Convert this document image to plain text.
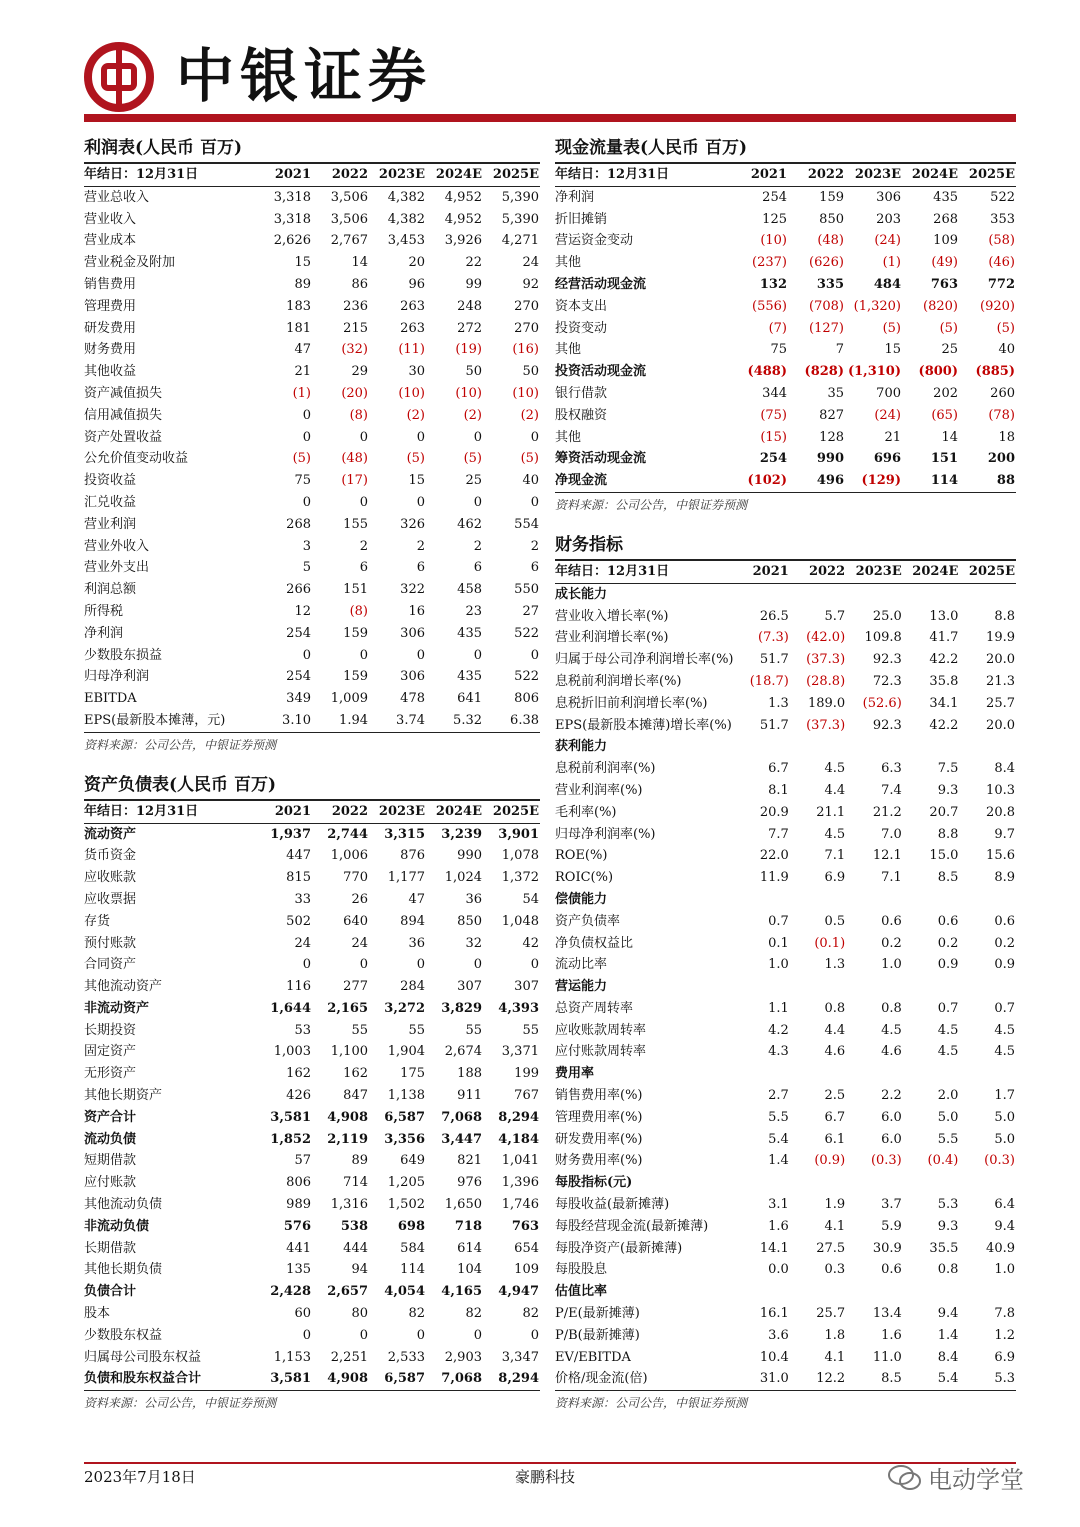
中银证券
利润表(人民币 百万)
年结日：12月31日	2021	2022	2023E	2024E	2025E
营业总收入	3,318	3,506	4,382	4,952	5,390
营业收入	3,318	3,506	4,382	4,952	5,390
营业成本	2,626	2,767	3,453	3,926	4,271
营业税金及附加	15	14	20	22	24
销售费用	89	86	96	99	92
管理费用	183	236	263	248	270
研发费用	181	215	263	272	270
财务费用	47	(32)	(11)	(19)	(16)
其他收益	21	29	30	50	50
资产减值损失	(1)	(20)	(10)	(10)	(10)
信用减值损失	0	(8)	(2)	(2)	(2)
资产处置收益	0	0	0	0	0
公允价值变动收益	(5)	(48)	(5)	(5)	(5)
投资收益	75	(17)	15	25	40
汇兑收益	0	0	0	0	0
营业利润	268	155	326	462	554
营业外收入	3	2	2	2	2
营业外支出	5	6	6	6	6
利润总额	266	151	322	458	550
所得税	12	(8)	16	23	27
净利润	254	159	306	435	522
少数股东损益	0	0	0	0	0
归母净利润	254	159	306	435	522
EBITDA	349	1,009	478	641	806
EPS(最新股本摊薄，元)	3.10	1.94	3.74	5.32	6.38
资料来源：公司公告，中银证券预测
资产负债表(人民币 百万)
年结日：12月31日	2021	2022	2023E	2024E	2025E
流动资产	1,937	2,744	3,315	3,239	3,901
货币资金	447	1,006	876	990	1,078
应收账款	815	770	1,177	1,024	1,372
应收票据	33	26	47	36	54
存货	502	640	894	850	1,048
预付账款	24	24	36	32	42
合同资产	0	0	0	0	0
其他流动资产	116	277	284	307	307
非流动资产	1,644	2,165	3,272	3,829	4,393
长期投资	53	55	55	55	55
固定资产	1,003	1,100	1,904	2,674	3,371
无形资产	162	162	175	188	199
其他长期资产	426	847	1,138	911	767
资产合计	3,581	4,908	6,587	7,068	8,294
流动负债	1,852	2,119	3,356	3,447	4,184
短期借款	57	89	649	821	1,041
应付账款	806	714	1,205	976	1,396
其他流动负债	989	1,316	1,502	1,650	1,746
非流动负债	576	538	698	718	763
长期借款	441	444	584	614	654
其他长期负债	135	94	114	104	109
负债合计	2,428	2,657	4,054	4,165	4,947
股本	60	80	82	82	82
少数股东权益	0	0	0	0	0
归属母公司股东权益	1,153	2,251	2,533	2,903	3,347
负债和股东权益合计	3,581	4,908	6,587	7,068	8,294
资料来源：公司公告，中银证券预测
现金流量表(人民币 百万)
年结日：12月31日	2021	2022	2023E	2024E	2025E
净利润	254	159	306	435	522
折旧摊销	125	850	203	268	353
营运资金变动	(10)	(48)	(24)	109	(58)
其他	(237)	(626)	(1)	(49)	(46)
经营活动现金流	132	335	484	763	772
资本支出	(556)	(708)	(1,320)	(820)	(920)
投资变动	(7)	(127)	(5)	(5)	(5)
其他	75	7	15	25	40
投资活动现金流	(488)	(828)	(1,310)	(800)	(885)
银行借款	344	35	700	202	260
股权融资	(75)	827	(24)	(65)	(78)
其他	(15)	128	21	14	18
筹资活动现金流	254	990	696	151	200
净现金流	(102)	496	(129)	114	88
资料来源：公司公告，中银证券预测
财务指标
年结日：12月31日	2021	2022	2023E	2024E	2025E
成长能力					
营业收入增长率(%)	26.5	5.7	25.0	13.0	8.8
营业利润增长率(%)	(7.3)	(42.0)	109.8	41.7	19.9
归属于母公司净利润增长率(%)	51.7	(37.3)	92.3	42.2	20.0
息税前利润增长率(%)	(18.7)	(28.8)	72.3	35.8	21.3
息税折旧前利润增长率(%)	1.3	189.0	(52.6)	34.1	25.7
EPS(最新股本摊薄)增长率(%)	51.7	(37.3)	92.3	42.2	20.0
获利能力					
息税前利润率(%)	6.7	4.5	6.3	7.5	8.4
营业利润率(%)	8.1	4.4	7.4	9.3	10.3
毛利率(%)	20.9	21.1	21.2	20.7	20.8
归母净利润率(%)	7.7	4.5	7.0	8.8	9.7
ROE(%)	22.0	7.1	12.1	15.0	15.6
ROIC(%)	11.9	6.9	7.1	8.5	8.9
偿债能力					
资产负债率	0.7	0.5	0.6	0.6	0.6
净负债权益比	0.1	(0.1)	0.2	0.2	0.2
流动比率	1.0	1.3	1.0	0.9	0.9
营运能力					
总资产周转率	1.1	0.8	0.8	0.7	0.7
应收账款周转率	4.2	4.4	4.5	4.5	4.5
应付账款周转率	4.3	4.6	4.6	4.5	4.5
费用率					
销售费用率(%)	2.7	2.5	2.2	2.0	1.7
管理费用率(%)	5.5	6.7	6.0	5.0	5.0
研发费用率(%)	5.4	6.1	6.0	5.5	5.0
财务费用率(%)	1.4	(0.9)	(0.3)	(0.4)	(0.3)
每股指标(元)					
每股收益(最新摊薄)	3.1	1.9	3.7	5.3	6.4
每股经营现金流(最新摊薄)	1.6	4.1	5.9	9.3	9.4
每股净资产(最新摊薄)	14.1	27.5	30.9	35.5	40.9
每股股息	0.0	0.3	0.6	0.8	1.0
估值比率					
P/E(最新摊薄)	16.1	25.7	13.4	9.4	7.8
P/B(最新摊薄)	3.6	1.8	1.6	1.4	1.2
EV/EBITDA	10.4	4.1	11.0	8.4	6.9
价格/现金流(倍)	31.0	12.2	8.5	5.4	5.3
资料来源：公司公告，中银证券预测
2023年7月18日	豪鹏科技	电动学堂
